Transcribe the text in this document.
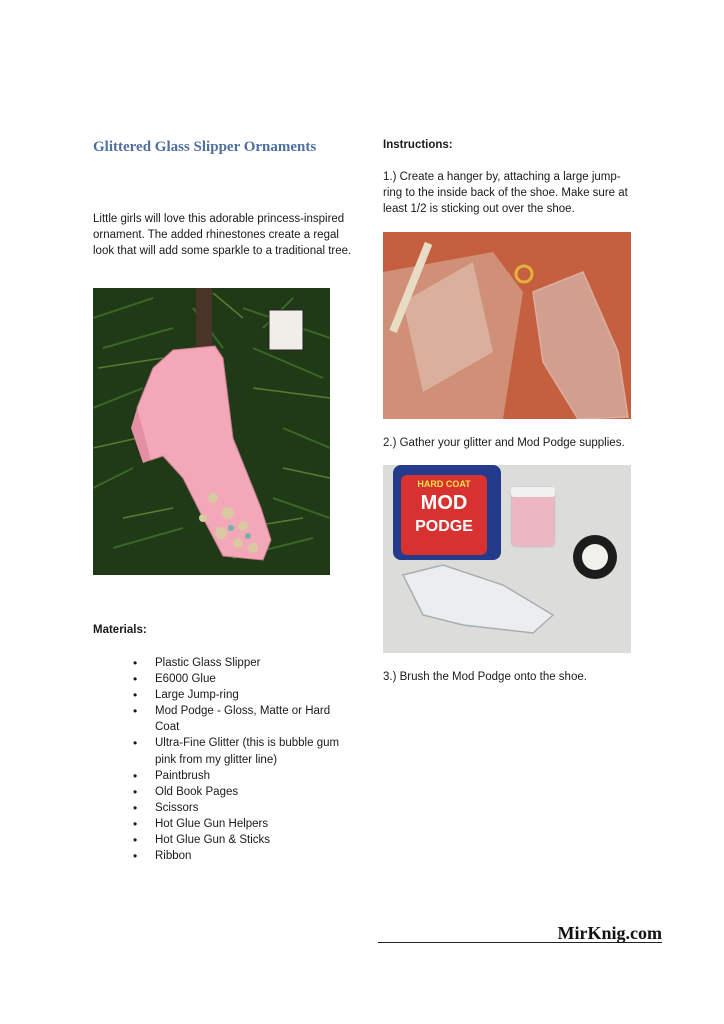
Glittered Glass Slipper Ornaments
Little girls will love this adorable princess-inspired ornament. The added rhinestones create a regal look that will add some sparkle to a traditional tree.
Materials:
• Plastic Glass Slipper
• E6000 Glue
• Large Jump-ring
• Mod Podge - Gloss, Matte or Hard Coat
• Ultra-Fine Glitter (this is bubble gum pink from my glitter line)
• Paintbrush
• Old Book Pages
• Scissors
• Hot Glue Gun Helpers
• Hot Glue Gun & Sticks
• Ribbon
Instructions:
1.) Create a hanger by, attaching a large jump-ring to the inside back of the shoe. Make sure at least 1/2 is sticking out over the shoe.
2.) Gather your glitter and Mod Podge supplies.
HARD COAT
MOD
PODGE
3.) Brush the Mod Podge onto the shoe.
MirKnig.com
